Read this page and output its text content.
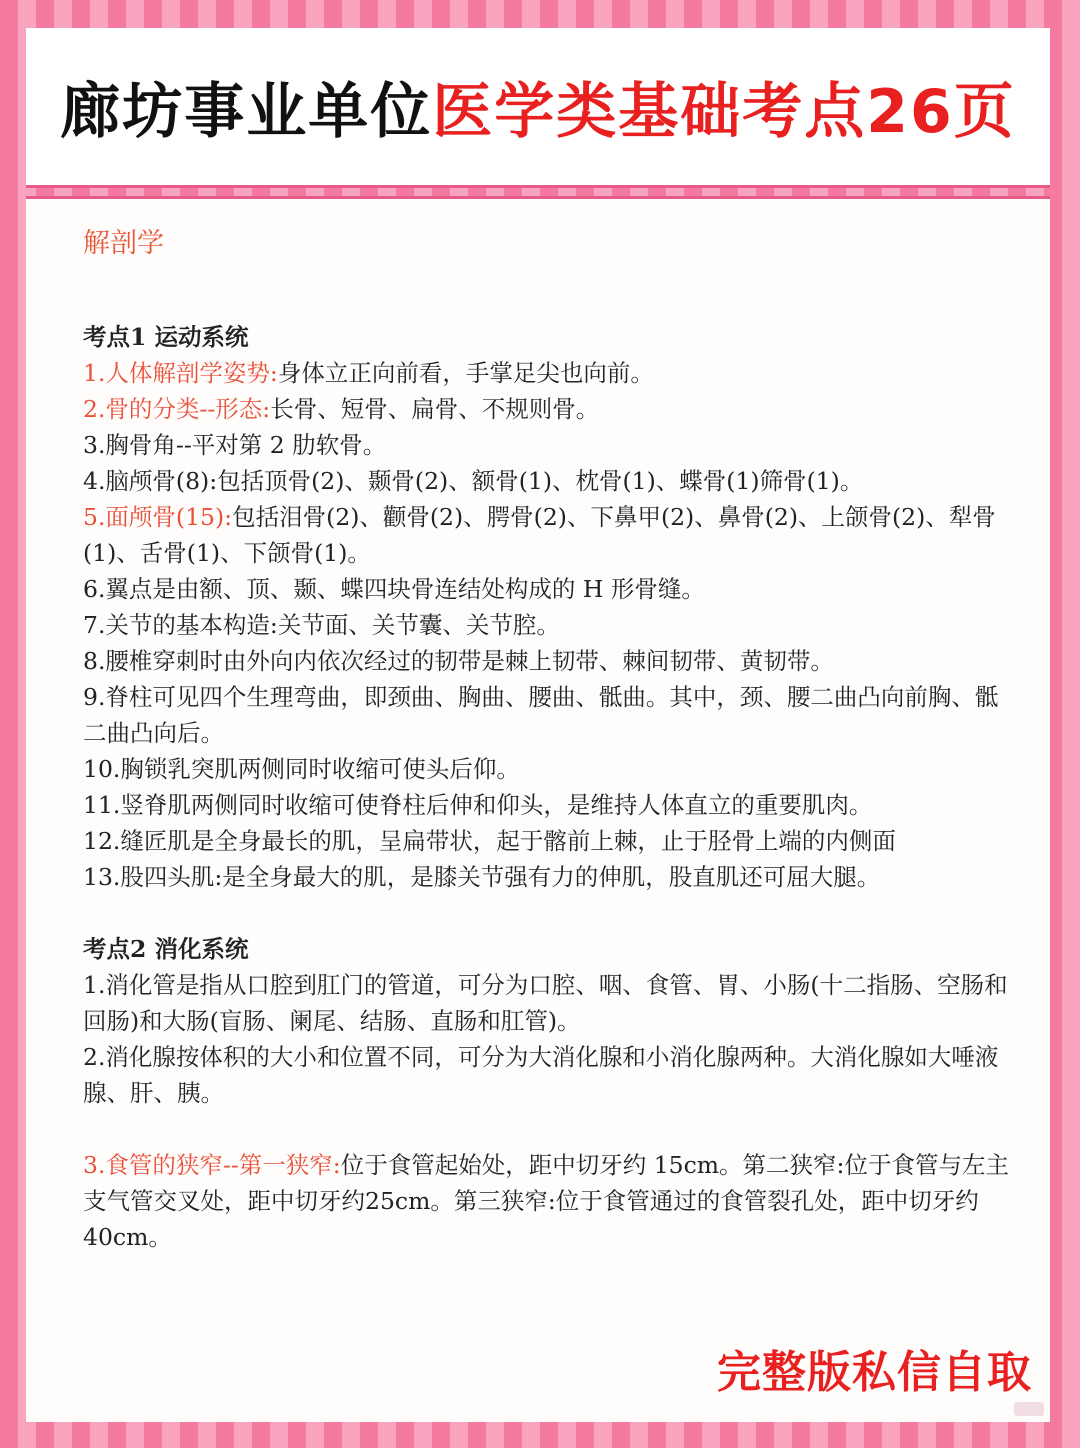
廊坊事业单位 医学类基础考点26页
解剖学

考点1 运动系统

1.人体解剖学姿势:身体立正向前看，手掌足尖也向前。

2.骨的分类--形态:长骨、短骨、扁骨、不规则骨。

3.胸骨角--平对第 2 肋软骨。

4.脑颅骨(8):包括顶骨(2)、颞骨(2)、额骨(1)、枕骨(1)、蝶骨(1)筛骨(1)。

5.面颅骨(15):包括泪骨(2)、颧骨(2)、腭骨(2)、下鼻甲(2)、鼻骨(2)、上颌骨(2)、犁骨(1)、舌骨(1)、下颌骨(1)。

6.翼点是由额、顶、颞、蝶四块骨连结处构成的 H 形骨缝。

7.关节的基本构造:关节面、关节囊、关节腔。

8.腰椎穿刺时由外向内依次经过的韧带是棘上韧带、棘间韧带、黄韧带。

9.脊柱可见四个生理弯曲，即颈曲、胸曲、腰曲、骶曲。其中，颈、腰二曲凸向前胸、骶二曲凸向后。

10.胸锁乳突肌两侧同时收缩可使头后仰。

11.竖脊肌两侧同时收缩可使脊柱后伸和仰头，是维持人体直立的重要肌肉。

12.缝匠肌是全身最长的肌，呈扁带状，起于髂前上棘，止于胫骨上端的内侧面

13.股四头肌:是全身最大的肌，是膝关节强有力的伸肌，股直肌还可屈大腿。

考点2 消化系统

1.消化管是指从口腔到肛门的管道，可分为口腔、咽、食管、胃、小肠(十二指肠、空肠和回肠)和大肠(盲肠、阑尾、结肠、直肠和肛管)。

2.消化腺按体积的大小和位置不同，可分为大消化腺和小消化腺两种。大消化腺如大唾液腺、肝、胰。

3.食管的狭窄--第一狭窄:位于食管起始处，距中切牙约 15cm。第二狭窄:位于食管与左主支气管交叉处，距中切牙约25cm。第三狭窄:位于食管通过的食管裂孔处，距中切牙约 40cm。

完整版私信自取
